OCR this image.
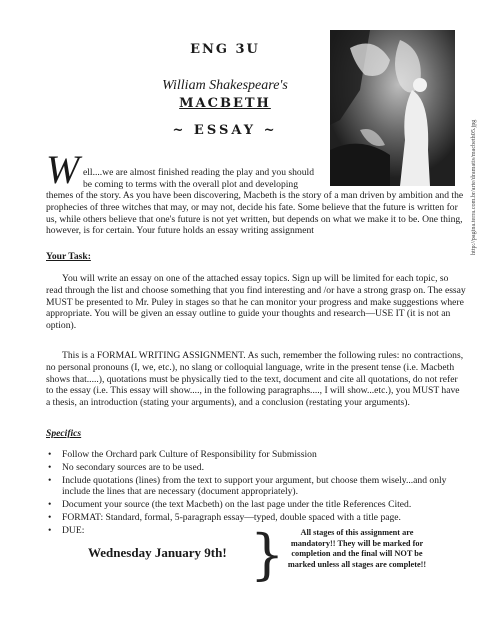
ENG 3U
William Shakespeare's
MACBETH
~ ESSAY ~	http://pagina.terra.com.br/arte/dramatis/macbeth05.jpg
W ell....we are almost finished reading the play and you should be coming to terms with the overall plot and developing
themes of the story. As you have been discovering, Macbeth is the story of a man driven by ambition and the prophecies of three witches that may, or may not, decide his fate. Some believe that the future is written for us, while others believe that one's future is not yet written, but depends on what we make it to be. One thing, however, is for certain. Your future holds an essay writing assignment
Your Task:
You will write an essay on one of the attached essay topics. Sign up will be limited for each topic, so read through the list and choose something that you find interesting and /or have a strong grasp on. The essay MUST be presented to Mr. Puley in stages so that he can monitor your progress and make suggestions where appropriate. You will be given an essay outline to guide your thoughts and research—USE IT (it is not an option).
This is a FORMAL WRITING ASSIGNMENT. As such, remember the following rules: no contractions, no personal pronouns (I, we, etc.), no slang or colloquial language, write in the present tense (i.e. Macbeth shows that.....), quotations must be physically tied to the text, document and cite all quotations, do not refer to the essay (i.e. This essay will show...., in the following paragraphs...., I will show...etc.), you MUST have a thesis, an introduction (stating your arguments), and a conclusion (restating your arguments).
Specifics
• Follow the Orchard park Culture of Responsibility for Submission
• No secondary sources are to be used.
• Include quotations (lines) from the text to support your argument, but choose them wisely...and only include the lines that are necessary (document appropriately).
• Document your source (the text Macbeth) on the last page under the title References Cited.
• FORMAT: Standard, formal, 5-paragraph essay—typed, double spaced with a title page.
• DUE:
Wednesday January 9th! }	All stages of this assignment are mandatory!! They will be marked for completion and the final will NOT be marked unless all stages are complete!!
